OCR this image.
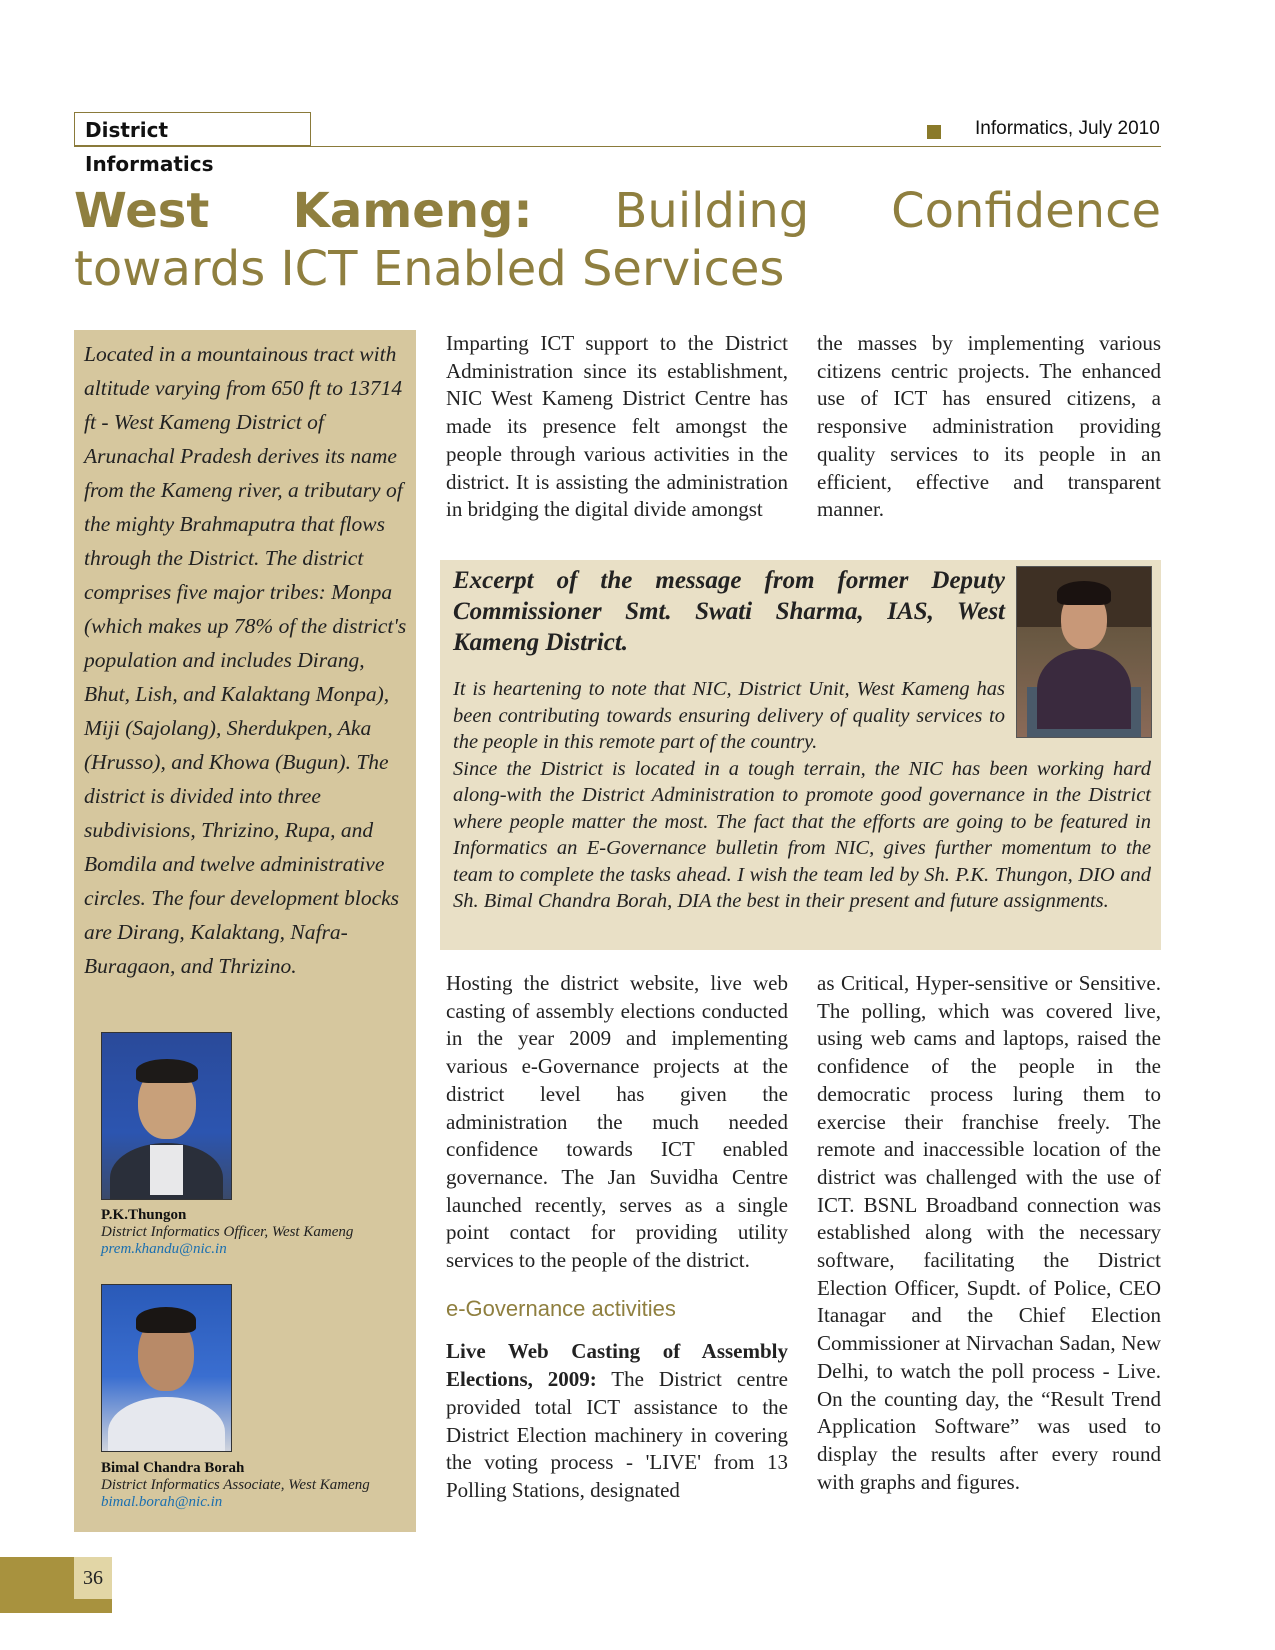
District Informatics
Informatics, July 2010
West Kameng: Building Confidence towards ICT Enabled Services
Located in a mountainous tract with altitude varying from 650 ft to 13714 ft - West Kameng District of Arunachal Pradesh derives its name from the Kameng river, a tributary of the mighty Brahmaputra that flows through the District. The district comprises five major tribes: Monpa (which makes up 78% of the district's population and includes Dirang, Bhut, Lish, and Kalaktang Monpa), Miji (Sajolang), Sherdukpen, Aka (Hrusso), and Khowa (Bugun). The district is divided into three subdivisions, Thrizino, Rupa, and Bomdila and twelve administrative circles. The four development blocks are Dirang, Kalaktang, Nafra-Buragaon, and Thrizino.
P.K.Thungon
District Informatics Officer, West Kameng
prem.khandu@nic.in
Bimal Chandra Borah
District Informatics Associate, West Kameng
bimal.borah@nic.in

Imparting ICT support to the District Administration since its establishment, NIC West Kameng District Centre has made its presence felt amongst the people through various activities in the district. It is assisting the administration in bridging the digital divide amongst

the masses by implementing various citizens centric projects. The enhanced use of ICT has ensured citizens, a responsive administration providing quality services to its people in an efficient, effective and transparent manner.

Excerpt of the message from former Deputy Commissioner Smt. Swati Sharma, IAS, West Kameng District.
It is heartening to note that NIC, District Unit, West Kameng has been contributing towards ensuring delivery of quality services to the people in this remote part of the country.
Since the District is located in a tough terrain, the NIC has been working hard along-with the District Administration to promote good governance in the District where people matter the most. The fact that the efforts are going to be featured in Informatics an E-Governance bulletin from NIC, gives further momentum to the team to complete the tasks ahead. I wish the team led by Sh. P.K. Thungon, DIO and Sh. Bimal Chandra Borah, DIA the best in their present and future assignments.

Hosting the district website, live web casting of assembly elections conducted in the year 2009 and implementing various e-Governance projects at the district level has given the administration the much needed confidence towards ICT enabled governance. The Jan Suvidha Centre launched recently, serves as a single point contact for providing utility services to the people of the district.

e-Governance activities

Live Web Casting of Assembly Elections, 2009: The District centre provided total ICT assistance to the District Election machinery in covering the voting process - 'LIVE' from 13 Polling Stations, designated

as Critical, Hyper-sensitive or Sensitive. The polling, which was covered live, using web cams and laptops, raised the confidence of the people in the democratic process luring them to exercise their franchise freely. The remote and inaccessible location of the district was challenged with the use of ICT. BSNL Broadband connection was established along with the necessary software, facilitating the District Election Officer, Supdt. of Police, CEO Itanagar and the Chief Election Commissioner at Nirvachan Sadan, New Delhi, to watch the poll process - Live. On the counting day, the “Result Trend Application Software” was used to display the results after every round with graphs and figures.

36
